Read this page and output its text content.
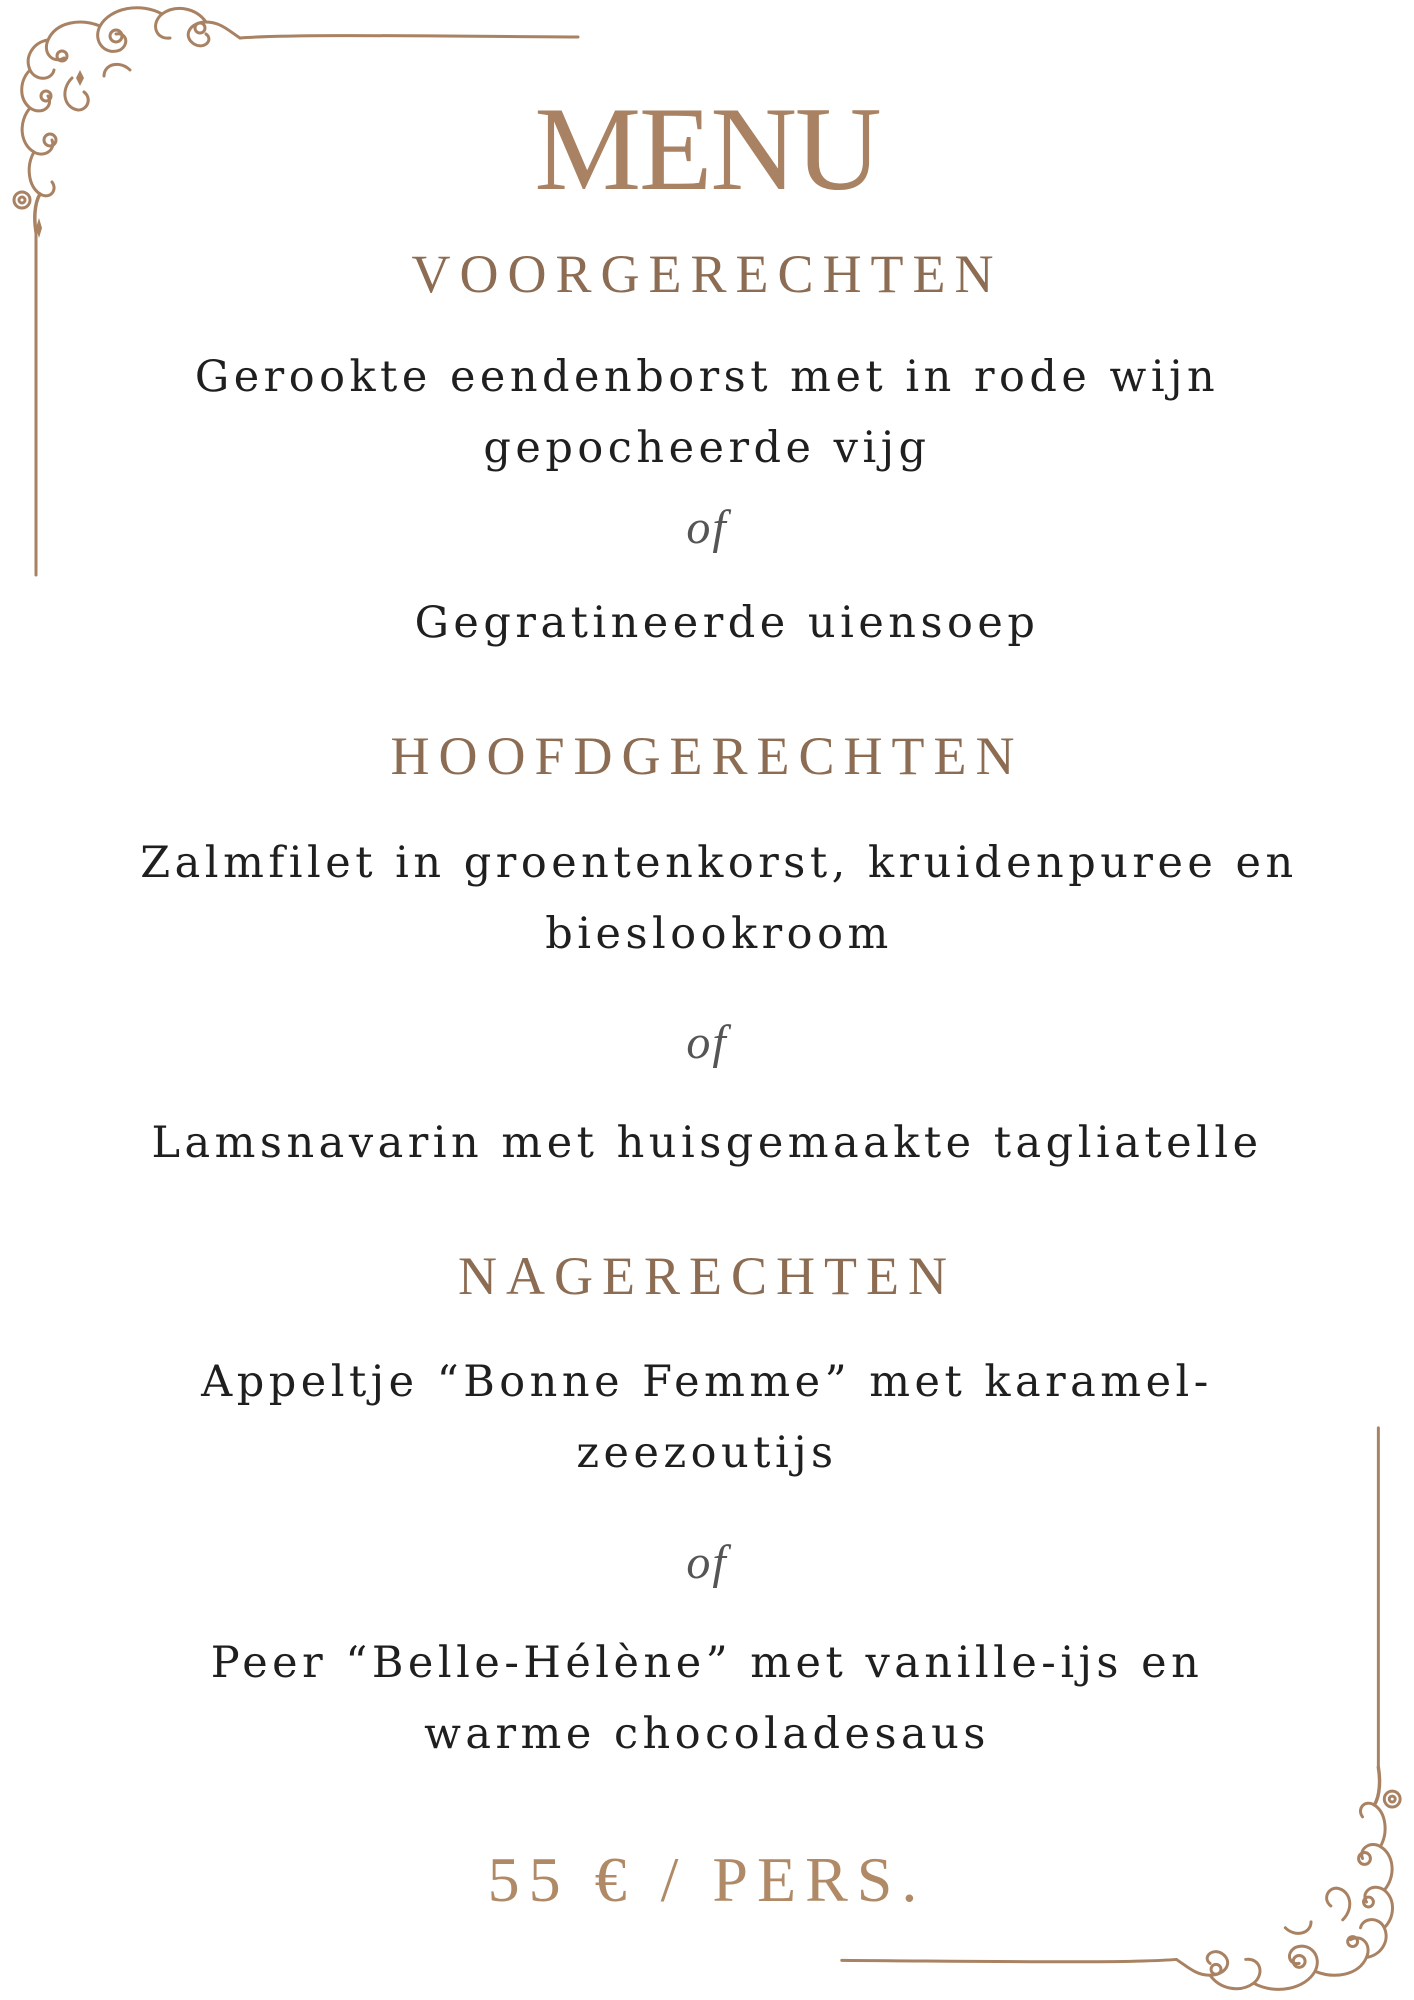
MENU
VOORGERECHTEN
Gerookte eendenborst met in rode wijn
gepocheerde vijg
of
Gegratineerde uiensoep
HOOFDGERECHTEN
Zalmfilet in groentenkorst, kruidenpuree en
bieslookroom
of
Lamsnavarin met huisgemaakte tagliatelle
NAGERECHTEN
Appeltje “Bonne Femme” met karamel-
zeezoutijs
of
Peer “Belle-Hélène” met vanille-ijs en
warme chocoladesaus
55 € / PERS.
